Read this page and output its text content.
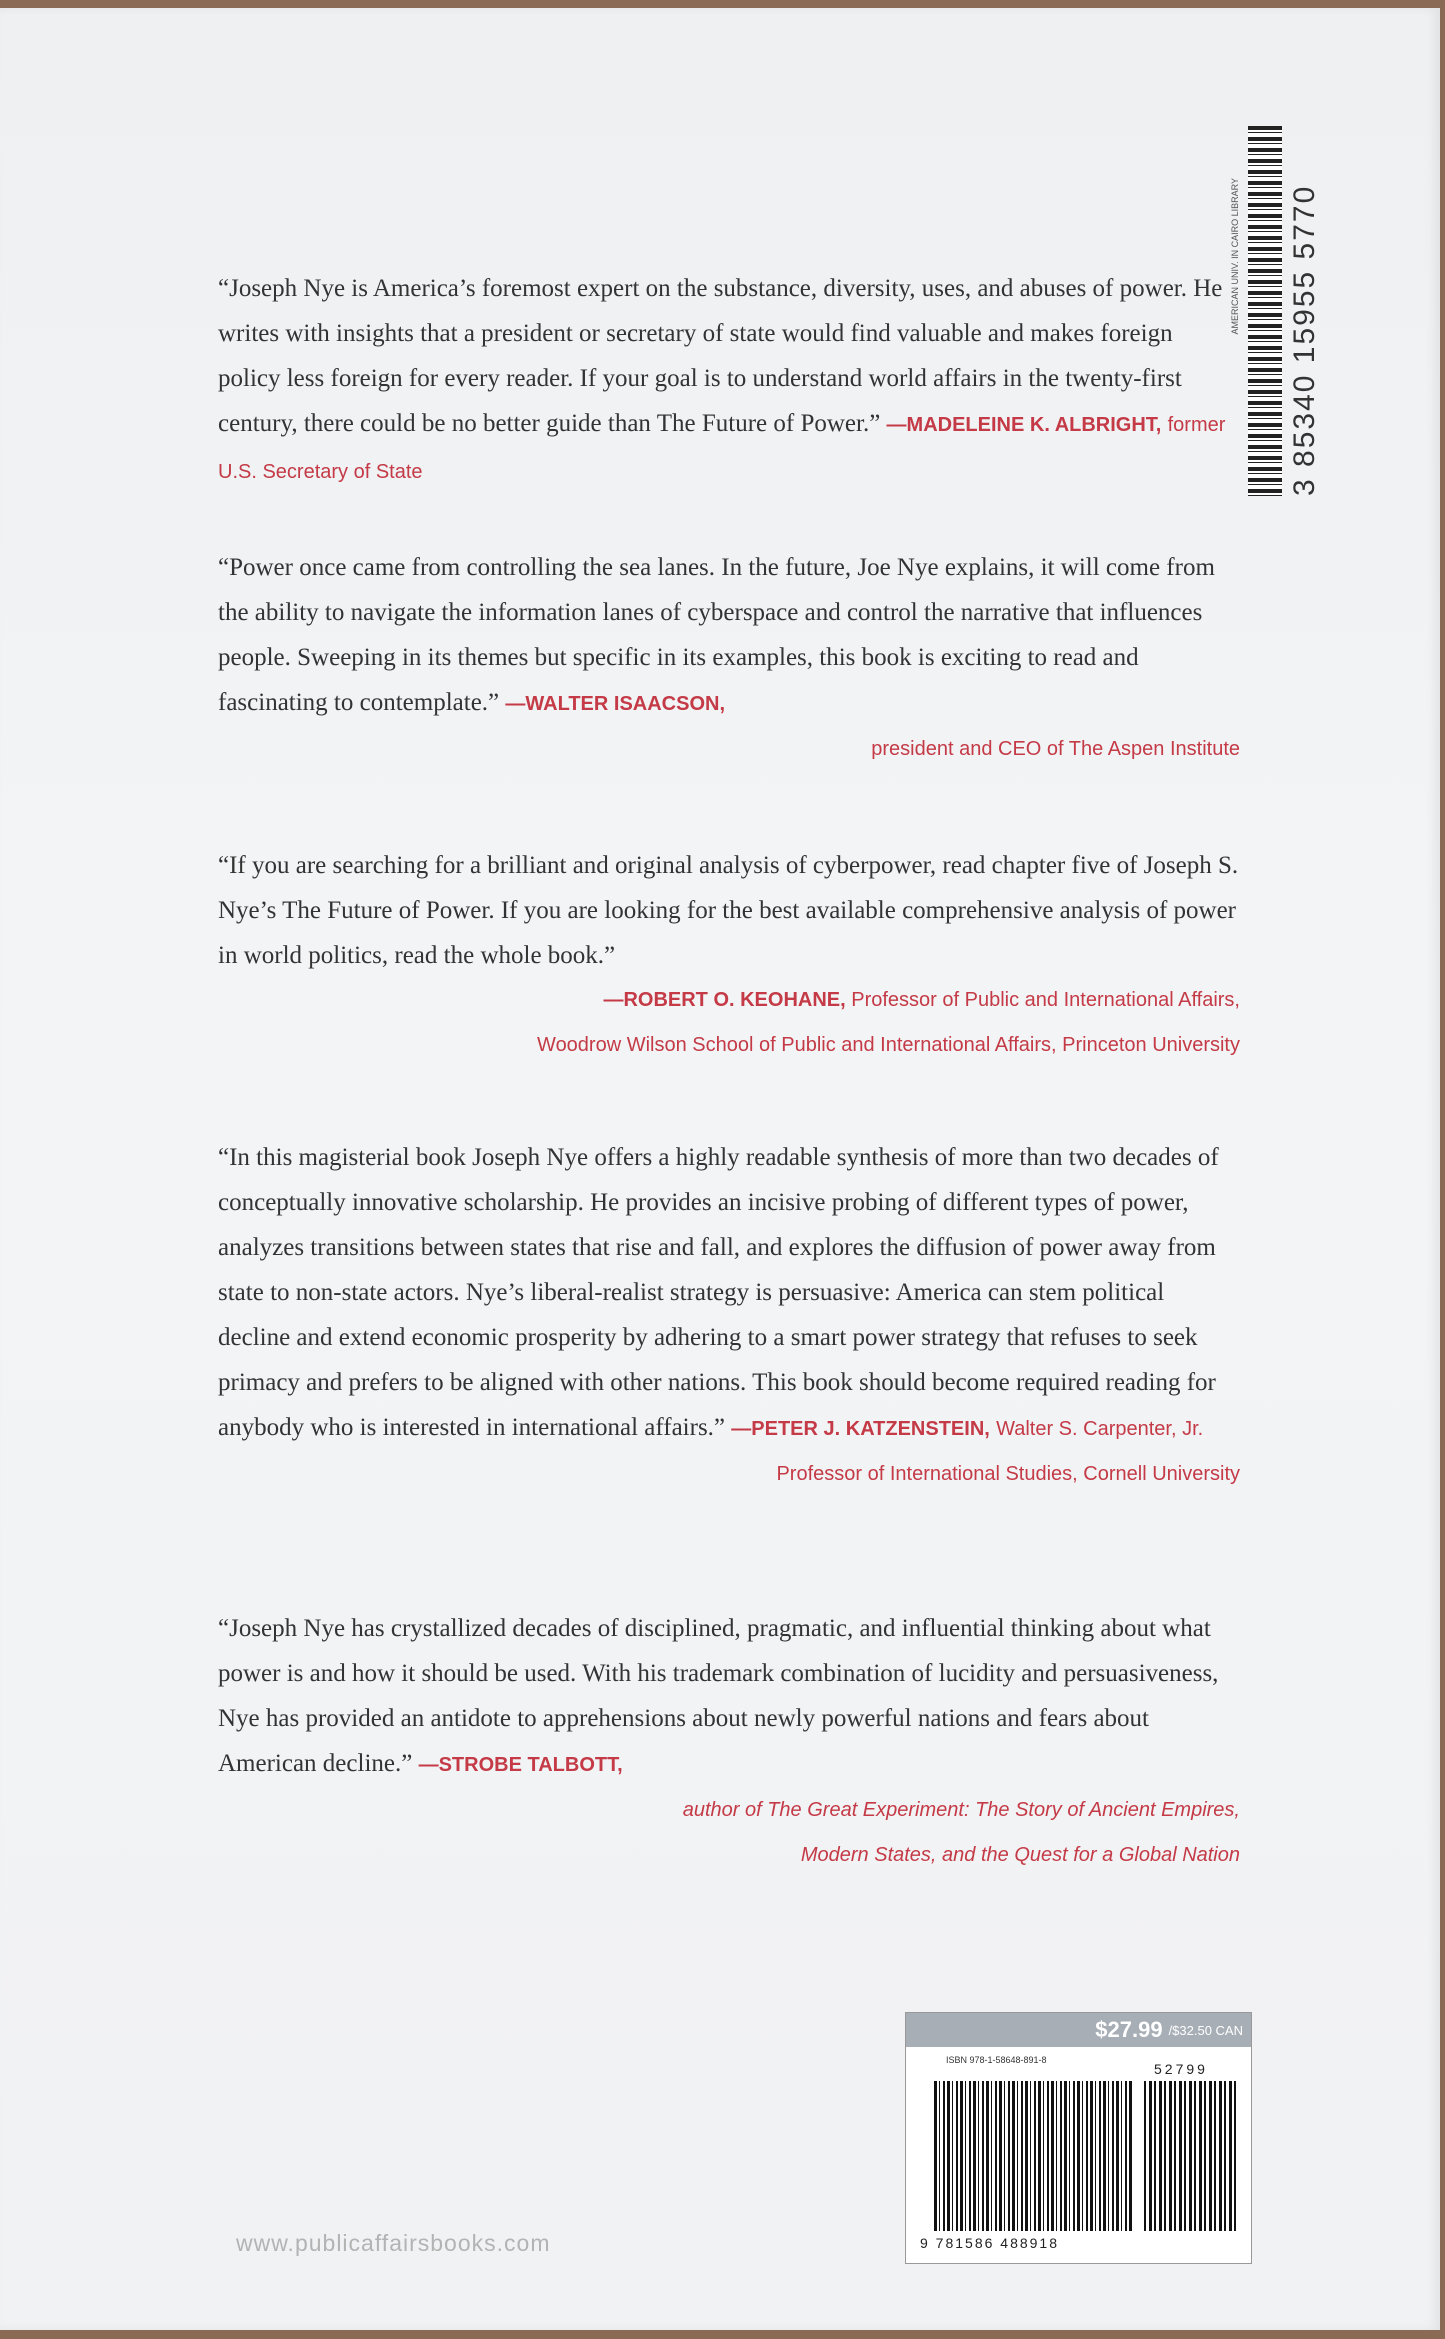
“Joseph Nye is America’s foremost expert on the substance, diversity, uses, and abuses of power. He writes with insights that a president or secretary of state would find valuable and makes foreign policy less foreign for every reader. If your goal is to understand world affairs in the twenty-first century, there could be no better guide than The Future of Power.” —MADELEINE K. ALBRIGHT, former U.S. Secretary of State
“Power once came from controlling the sea lanes. In the future, Joe Nye explains, it will come from the ability to navigate the information lanes of cyberspace and control the narrative that influences people. Sweeping in its themes but specific in its examples, this book is exciting to read and fascinating to contemplate.” —WALTER ISAACSON,
president and CEO of The Aspen Institute
“If you are searching for a brilliant and original analysis of cyberpower, read chapter five of Joseph S. Nye’s The Future of Power. If you are looking for the best available comprehensive analysis of power in world politics, read the whole book.”
—ROBERT O. KEOHANE, Professor of Public and International Affairs,
Woodrow Wilson School of Public and International Affairs, Princeton University
“In this magisterial book Joseph Nye offers a highly readable synthesis of more than two decades of conceptually innovative scholarship. He provides an incisive probing of different types of power, analyzes transitions between states that rise and fall, and explores the diffusion of power away from state to non-state actors. Nye’s liberal-realist strategy is persuasive: America can stem political decline and extend economic prosperity by adhering to a smart power strategy that refuses to seek primacy and prefers to be aligned with other nations. This book should become required reading for anybody who is interested in international affairs.” —PETER J. KATZENSTEIN, Walter S. Carpenter, Jr.
Professor of International Studies, Cornell University
“Joseph Nye has crystallized decades of disciplined, pragmatic, and influential thinking about what power is and how it should be used. With his trademark combination of lucidity and persuasiveness, Nye has provided an antidote to apprehensions about newly powerful nations and fears about American decline.” —STROBE TALBOTT,
author of The Great Experiment: The Story of Ancient Empires,
Modern States, and the Quest for a Global Nation
AMERICAN UNIV. IN CAIRO LIBRARY 3 85340 15955 5770
$27.99 /$32.50 CAN
ISBN 978-1-58648-891-8
52799
9 781586 488918
www.publicaffairsbooks.com
